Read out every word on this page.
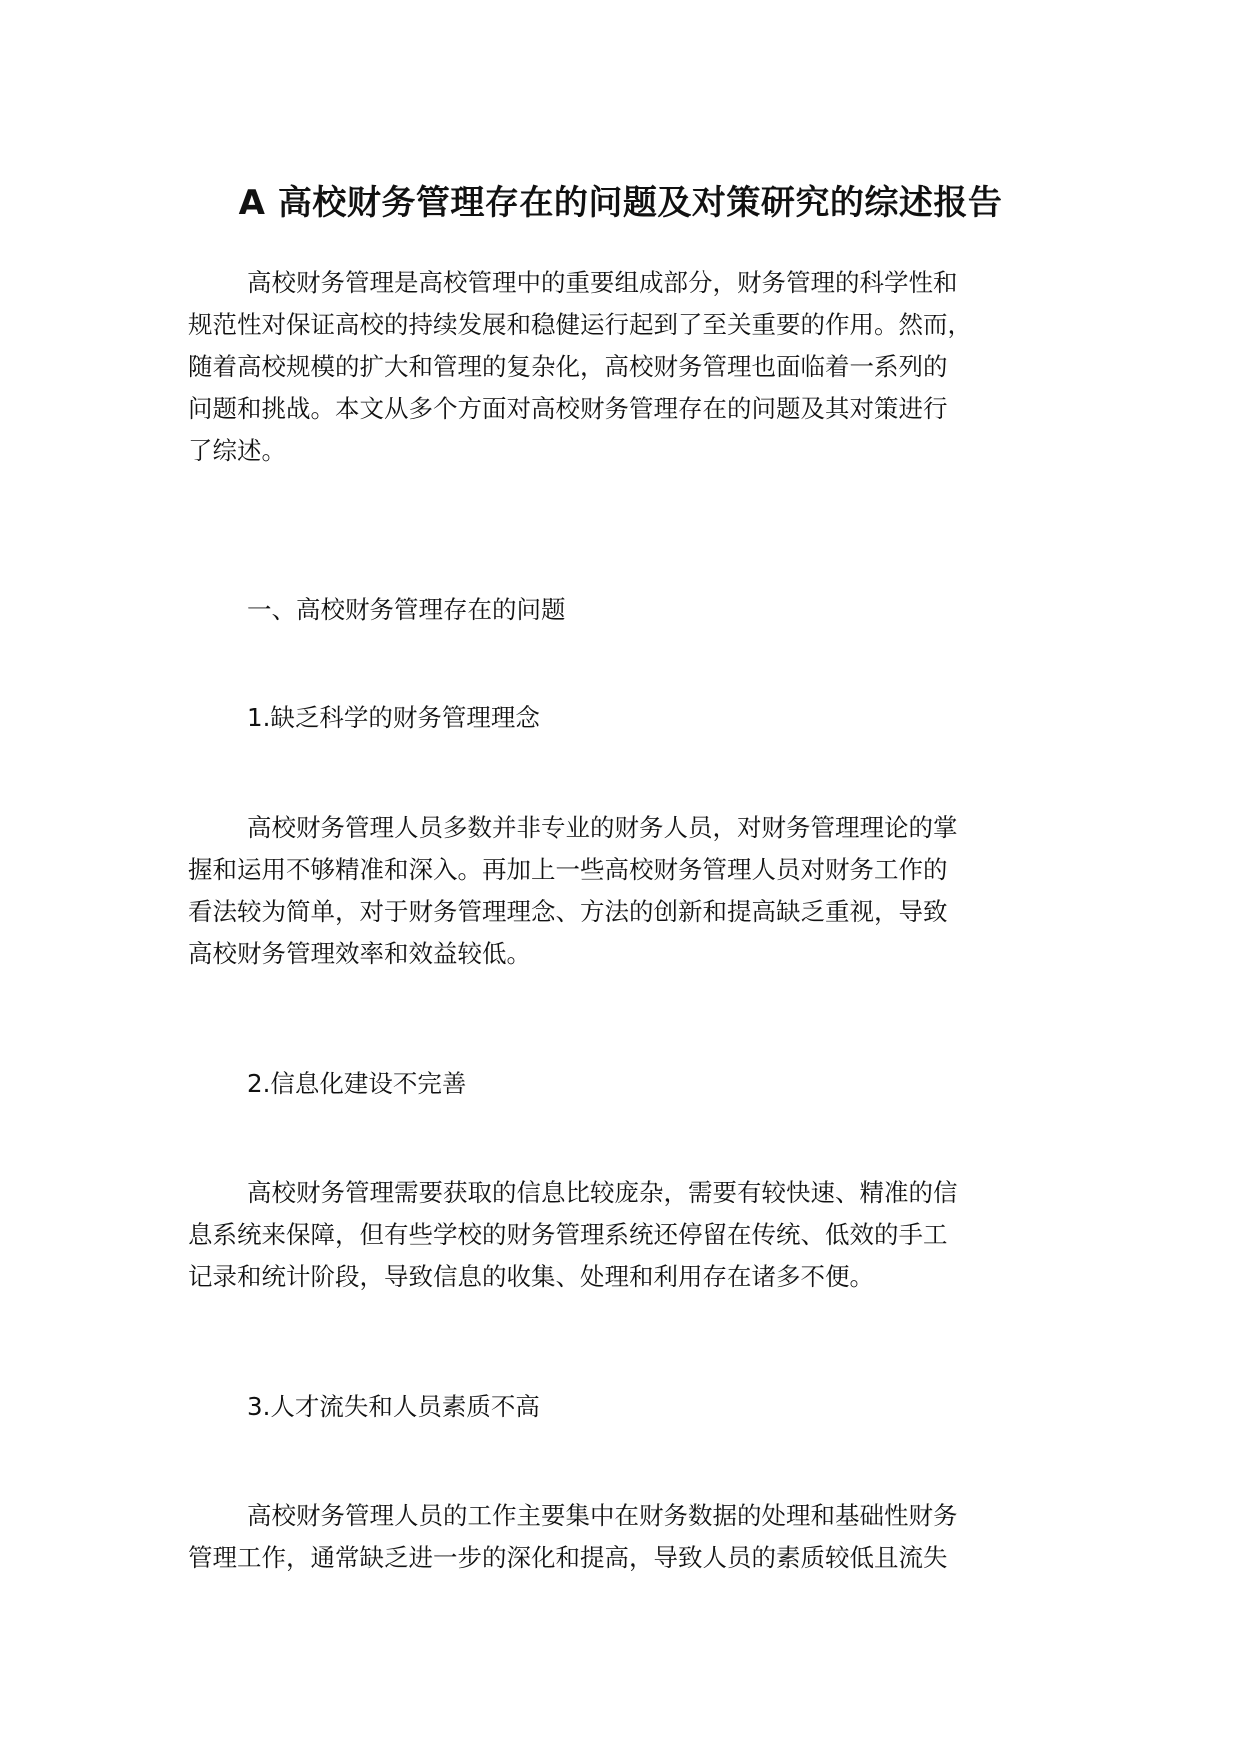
A 高校财务管理存在的问题及对策研究的综述报告
高校财务管理是高校管理中的重要组成部分，财务管理的科学性和
规范性对保证高校的持续发展和稳健运行起到了至关重要的作用。然而，
随着高校规模的扩大和管理的复杂化，高校财务管理也面临着一系列的
问题和挑战。本文从多个方面对高校财务管理存在的问题及其对策进行
了综述。
一、高校财务管理存在的问题
1.缺乏科学的财务管理理念
高校财务管理人员多数并非专业的财务人员，对财务管理理论的掌
握和运用不够精准和深入。再加上一些高校财务管理人员对财务工作的
看法较为简单，对于财务管理理念、方法的创新和提高缺乏重视，导致
高校财务管理效率和效益较低。
2.信息化建设不完善
高校财务管理需要获取的信息比较庞杂，需要有较快速、精准的信
息系统来保障，但有些学校的财务管理系统还停留在传统、低效的手工
记录和统计阶段，导致信息的收集、处理和利用存在诸多不便。
3.人才流失和人员素质不高
高校财务管理人员的工作主要集中在财务数据的处理和基础性财务
管理工作，通常缺乏进一步的深化和提高，导致人员的素质较低且流失
